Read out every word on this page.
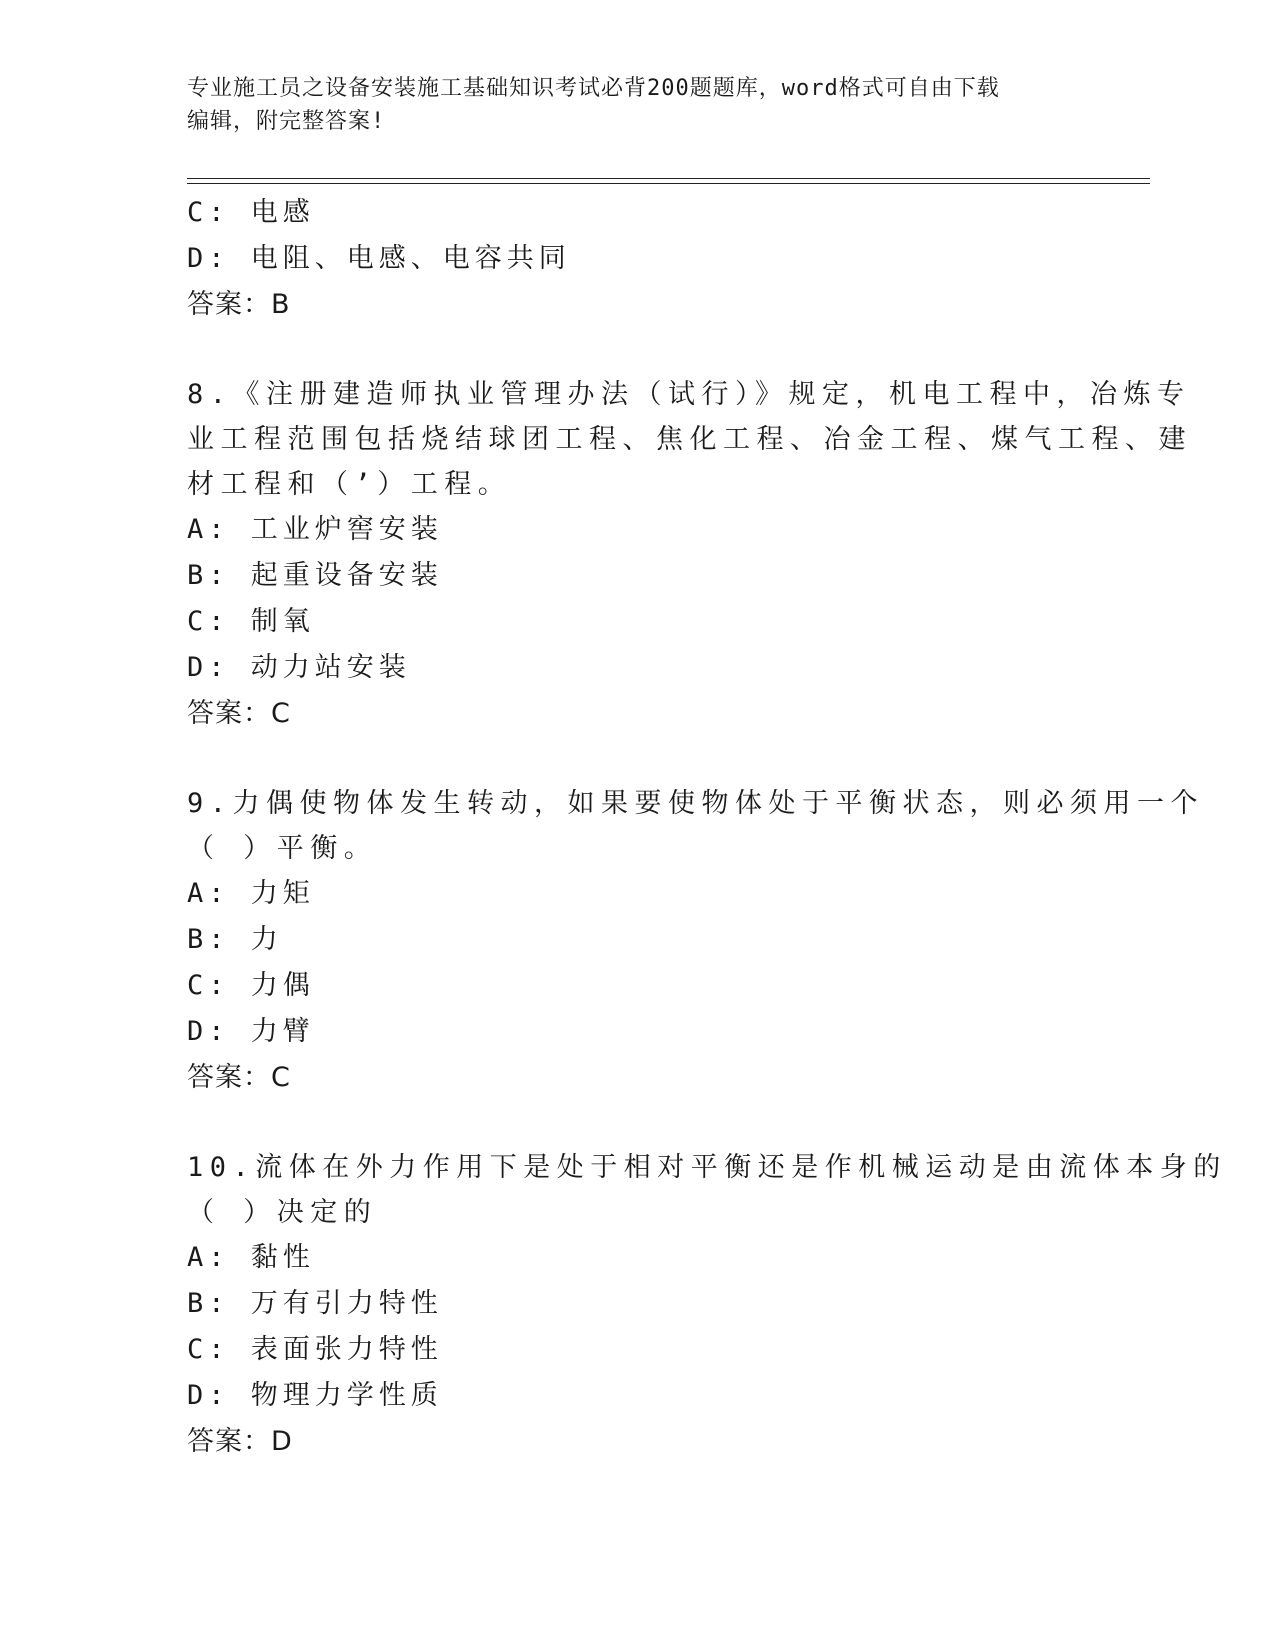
专业施工员之设备安装施工基础知识考试必背200题题库，word格式可自由下载
编辑，附完整答案!
C: 电感
D: 电阻、电感、电容共同
答案：B
8.《注册建造师执业管理办法（试行）》规定，机电工程中，冶炼专
业工程范围包括烧结球团工程、焦化工程、冶金工程、煤气工程、建
材工程和（’）工程。
A: 工业炉窖安装
B: 起重设备安装
C: 制氧
D: 动力站安装
答案：C
9.力偶使物体发生转动，如果要使物体处于平衡状态，则必须用一个
（ ）平衡。
A: 力矩
B: 力
C: 力偶
D: 力臂
答案：C
10.流体在外力作用下是处于相对平衡还是作机械运动是由流体本身的
（ ）决定的
A: 黏性
B: 万有引力特性
C: 表面张力特性
D: 物理力学性质
答案：D
